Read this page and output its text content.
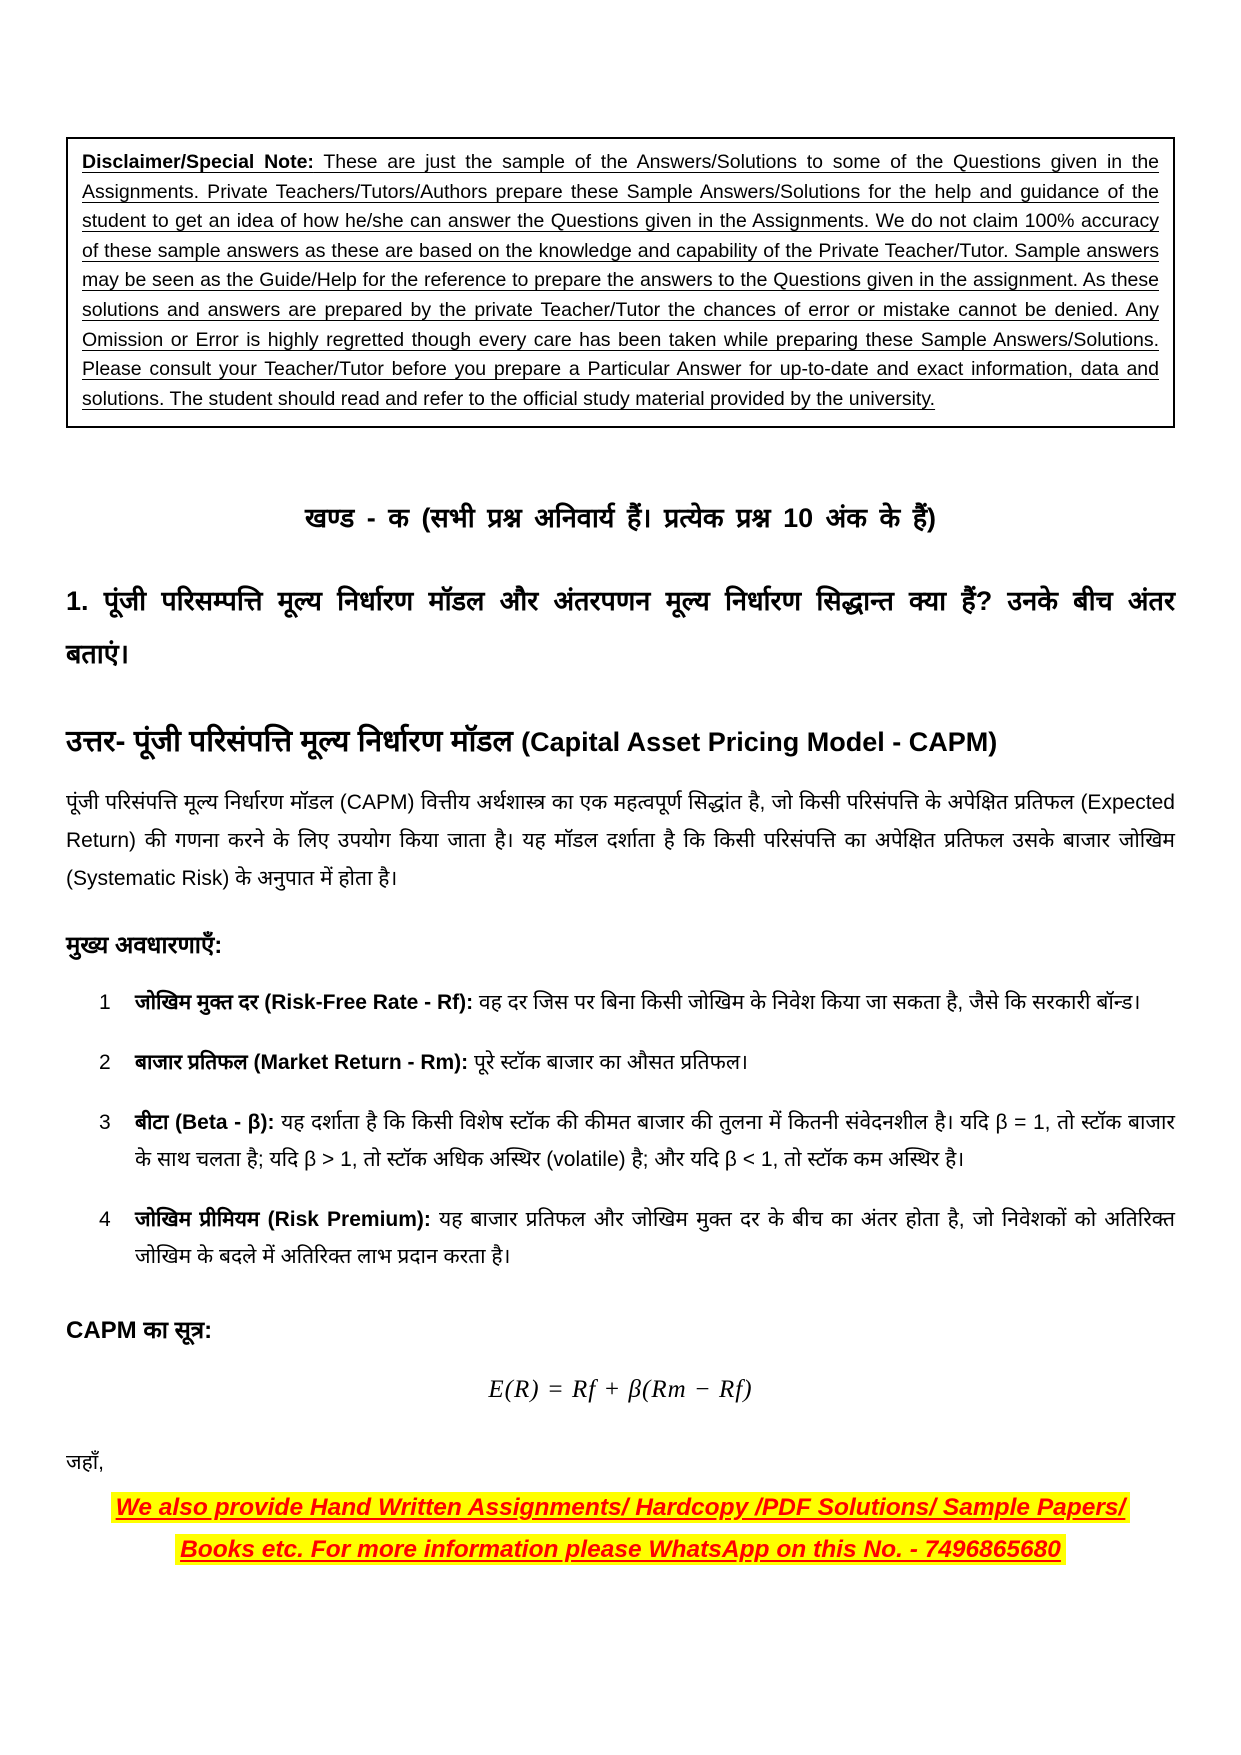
Disclaimer/Special Note: These are just the sample of the Answers/Solutions to some of the Questions given in the Assignments. Private Teachers/Tutors/Authors prepare these Sample Answers/Solutions for the help and guidance of the student to get an idea of how he/she can answer the Questions given in the Assignments. We do not claim 100% accuracy of these sample answers as these are based on the knowledge and capability of the Private Teacher/Tutor. Sample answers may be seen as the Guide/Help for the reference to prepare the answers to the Questions given in the assignment. As these solutions and answers are prepared by the private Teacher/Tutor the chances of error or mistake cannot be denied. Any Omission or Error is highly regretted though every care has been taken while preparing these Sample Answers/Solutions. Please consult your Teacher/Tutor before you prepare a Particular Answer for up-to-date and exact information, data and solutions. The student should read and refer to the official study material provided by the university.

खण्ड - क (सभी प्रश्न अनिवार्य हैं। प्रत्येक प्रश्न 10 अंक के हैं)

1. पूंजी परिसम्पत्ति मूल्य निर्धारण मॉडल और अंतरपणन मूल्य निर्धारण सिद्धान्त क्या हैं? उनके बीच अंतर बताएं।

उत्तर- पूंजी परिसंपत्ति मूल्य निर्धारण मॉडल (Capital Asset Pricing Model - CAPM)

पूंजी परिसंपत्ति मूल्य निर्धारण मॉडल (CAPM) वित्तीय अर्थशास्त्र का एक महत्वपूर्ण सिद्धांत है, जो किसी परिसंपत्ति के अपेक्षित प्रतिफल (Expected Return) की गणना करने के लिए उपयोग किया जाता है। यह मॉडल दर्शाता है कि किसी परिसंपत्ति का अपेक्षित प्रतिफल उसके बाजार जोखिम (Systematic Risk) के अनुपात में होता है।

मुख्य अवधारणाएँ:
1	जोखिम मुक्त दर (Risk-Free Rate - Rf): वह दर जिस पर बिना किसी जोखिम के निवेश किया जा सकता है, जैसे कि सरकारी बॉन्ड।
2	बाजार प्रतिफल (Market Return - Rm): पूरे स्टॉक बाजार का औसत प्रतिफल।
3	बीटा (Beta - β): यह दर्शाता है कि किसी विशेष स्टॉक की कीमत बाजार की तुलना में कितनी संवेदनशील है। यदि β = 1, तो स्टॉक बाजार के साथ चलता है; यदि β > 1, तो स्टॉक अधिक अस्थिर (volatile) है; और यदि β < 1, तो स्टॉक कम अस्थिर है।
4	जोखिम प्रीमियम (Risk Premium): यह बाजार प्रतिफल और जोखिम मुक्त दर के बीच का अंतर होता है, जो निवेशकों को अतिरिक्त जोखिम के बदले में अतिरिक्त लाभ प्रदान करता है।

CAPM का सूत्र:

E(R) = Rf + β(Rm − Rf)

जहाँ,

We also provide Hand Written Assignments/ Hardcopy /PDF Solutions/ Sample Papers/
Books etc. For more information please WhatsApp on this No. - 7496865680
